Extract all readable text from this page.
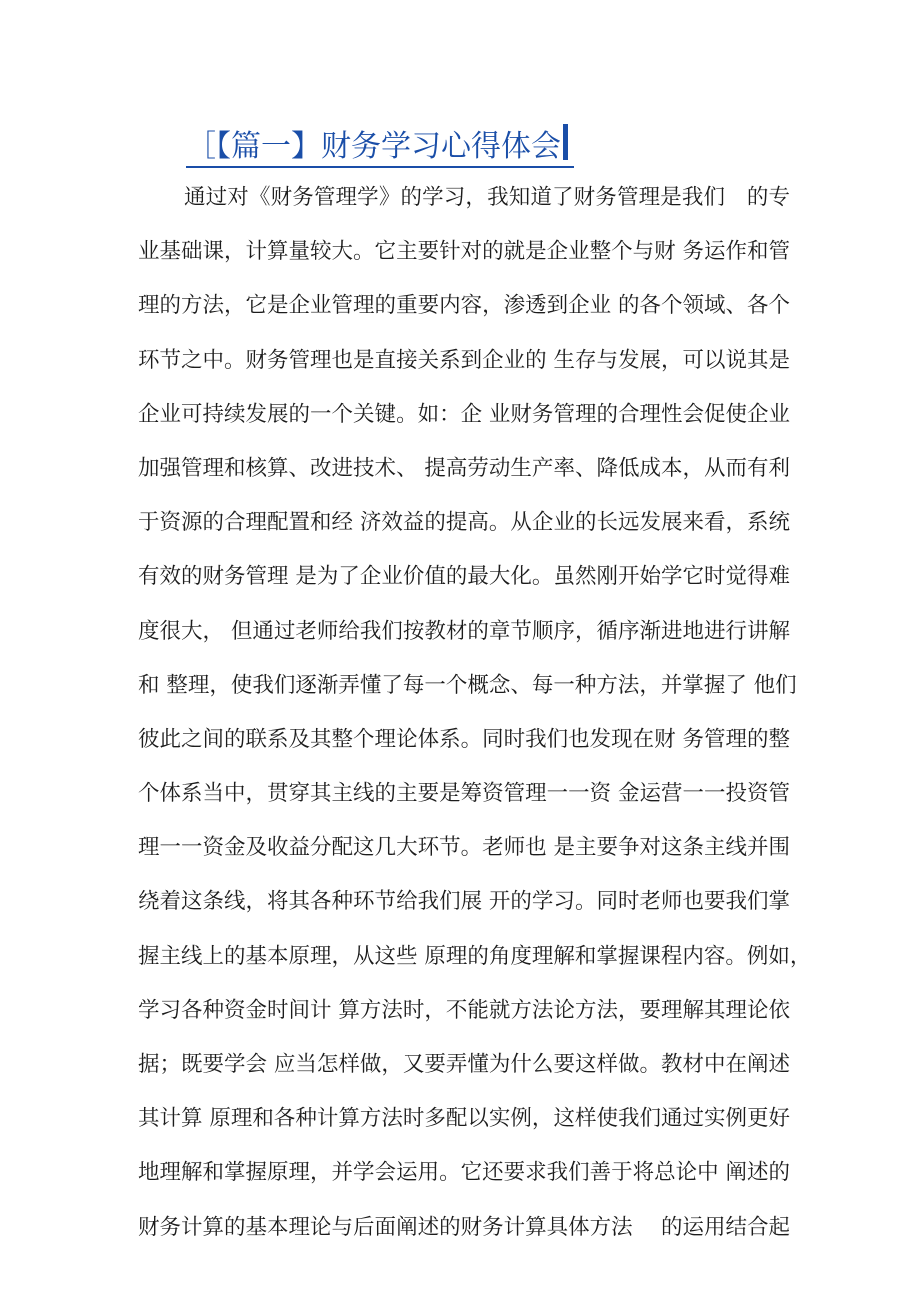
［【篇一】财务学习心得体会
通过对《财务管理学》的学习，我知道了财务管理是我们　的专
业基础课，计算量较大。它主要针对的就是企业整个与财 务运作和管
理的方法，它是企业管理的重要内容，渗透到企业 的各个领域、各个
环节之中。财务管理也是直接关系到企业的 生存与发展，可以说其是
企业可持续发展的一个关键。如：企 业财务管理的合理性会促使企业
加强管理和核算、改进技术、 提高劳动生产率、降低成本，从而有利
于资源的合理配置和经 济效益的提高。从企业的长远发展来看，系统
有效的财务管理 是为了企业价值的最大化。虽然刚开始学它时觉得难
度很大， 但通过老师给我们按教材的章节顺序，循序渐进地进行讲解
和 整理，使我们逐渐弄懂了每一个概念、每一种方法，并掌握了 他们
彼此之间的联系及其整个理论体系。同时我们也发现在财 务管理的整
个体系当中，贯穿其主线的主要是筹资管理一一资 金运营一一投资管
理一一资金及收益分配这几大环节。老师也 是主要争对这条主线并围
绕着这条线，将其各种环节给我们展 开的学习。同时老师也要我们掌
握主线上的基本原理，从这些 原理的角度理解和掌握课程内容。例如，
学习各种资金时间计 算方法时，不能就方法论方法，要理解其理论依
据；既要学会 应当怎样做，又要弄懂为什么要这样做。教材中在阐述
其计算 原理和各种计算方法时多配以实例，这样使我们通过实例更好
地理解和掌握原理，并学会运用。它还要求我们善于将总论中 阐述的
财务计算的基本理论与后面阐述的财务计算具体方法　 的运用结合起
